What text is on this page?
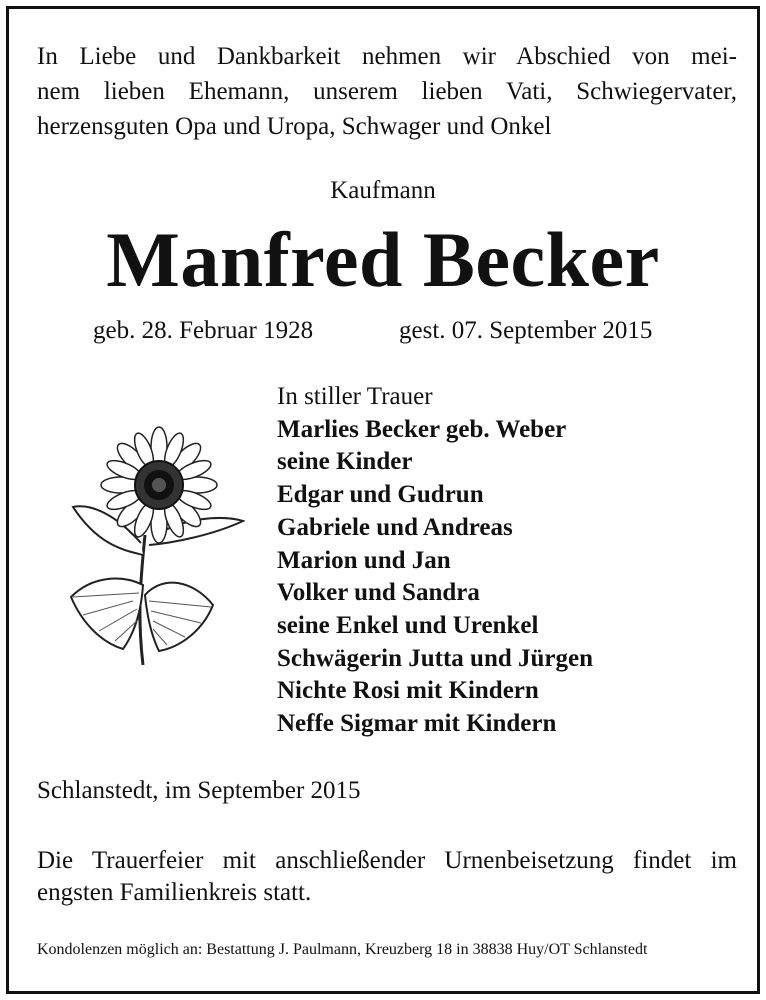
In Liebe und Dankbarkeit nehmen wir Abschied von mei-
nem lieben Ehemann, unserem lieben Vati, Schwiegervater,
herzensguten Opa und Uropa, Schwager und Onkel
Kaufmann
Manfred Becker
geb. 28. Februar 1928	gest. 07. September 2015
In stiller Trauer
Marlies Becker geb. Weber
seine Kinder
Edgar und Gudrun
Gabriele und Andreas
Marion und Jan
Volker und Sandra
seine Enkel und Urenkel
Schwägerin Jutta und Jürgen
Nichte Rosi mit Kindern
Neffe Sigmar mit Kindern
Schlanstedt, im September 2015
Die Trauerfeier mit anschließender Urnenbeisetzung findet im
engsten Familienkreis statt.
Kondolenzen möglich an: Bestattung J. Paulmann, Kreuzberg 18 in 38838 Huy/OT Schlanstedt
